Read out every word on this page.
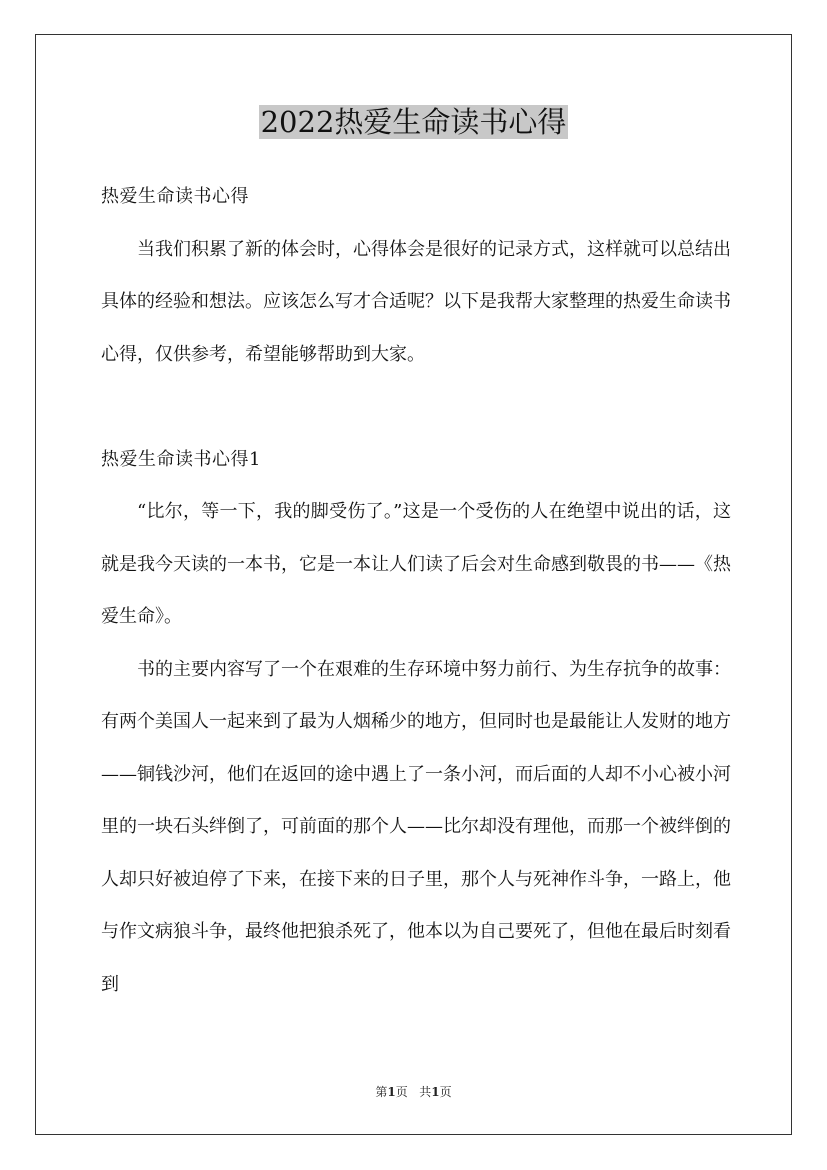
2022热爱生命读书心得

热爱生命读书心得

当我们积累了新的体会时，心得体会是很好的记录方式，这样就可以总结出具体的经验和想法。应该怎么写才合适呢？以下是我帮大家整理的热爱生命读书心得，仅供参考，希望能够帮助到大家。

热爱生命读书心得1

“比尔，等一下，我的脚受伤了。”这是一个受伤的人在绝望中说出的话，这就是我今天读的一本书，它是一本让人们读了后会对生命感到敬畏的书——《热爱生命》。

书的主要内容写了一个在艰难的生存环境中努力前行、为生存抗争的故事：有两个美国人一起来到了最为人烟稀少的地方，但同时也是最能让人发财的地方——铜钱沙河，他们在返回的途中遇上了一条小河，而后面的人却不小心被小河里的一块石头绊倒了，可前面的那个人——比尔却没有理他，而那一个被绊倒的人却只好被迫停了下来，在接下来的日子里，那个人与死神作斗争，一路上，他与作文病狼斗争，最终他把狼杀死了，他本以为自己要死了，但他在最后时刻看到

第1页 共1页
